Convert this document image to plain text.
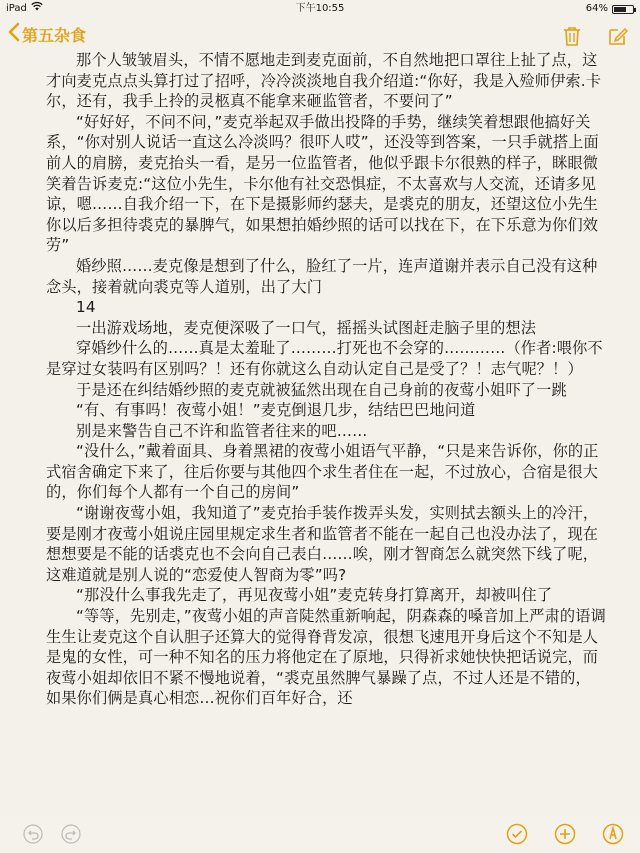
iPad	下午10:55	64%
第五杂食

那个人皱皱眉头，不情不愿地走到麦克面前，不自然地把口罩往上扯了点，这才向麦克点点头算打过了招呼，冷冷淡淡地自我介绍道:“你好，我是入殓师伊索.卡尔，还有，我手上拎的灵柩真不能拿来砸监管者，不要问了”

“好好好，不问不问，”麦克举起双手做出投降的手势，继续笑着想跟他搞好关系，“你对别人说话一直这么冷淡吗？很吓人哎”，还没等到答案，一只手就搭上面前人的肩膀，麦克抬头一看，是另一位监管者，他似乎跟卡尔很熟的样子，眯眼微笑着告诉麦克:“这位小先生，卡尔他有社交恐惧症，不太喜欢与人交流，还请多见谅，嗯……自我介绍一下，在下是摄影师约瑟夫，是裘克的朋友，还望这位小先生你以后多担待裘克的暴脾气，如果想拍婚纱照的话可以找在下，在下乐意为你们效劳”

婚纱照……麦克像是想到了什么，脸红了一片，连声道谢并表示自己没有这种念头，接着就向裘克等人道别，出了大门

14

一出游戏场地，麦克便深吸了一口气，摇摇头试图赶走脑子里的想法

穿婚纱什么的……真是太羞耻了………打死也不会穿的…………（作者:喂你不是穿过女装吗有区别吗？！还有你就这么自动认定自己是受了？！志气呢？！）

于是还在纠结婚纱照的麦克就被猛然出现在自己身前的夜莺小姐吓了一跳

“有、有事吗！夜莺小姐！”麦克倒退几步，结结巴巴地问道

别是来警告自己不许和监管者往来的吧……

“没什么，”戴着面具、身着黑裙的夜莺小姐语气平静，“只是来告诉你，你的正式宿舍确定下来了，往后你要与其他四个求生者住在一起，不过放心，合宿是很大的，你们每个人都有一个自己的房间”

“谢谢夜莺小姐，我知道了”麦克抬手装作拨弄头发，实则拭去额头上的冷汗，要是刚才夜莺小姐说庄园里规定求生者和监管者不能在一起自己也没办法了，现在想想要是不能的话裘克也不会向自己表白……唉，刚才智商怎么就突然下线了呢，这难道就是别人说的“恋爱使人智商为零”吗?

“那没什么事我先走了，再见夜莺小姐”麦克转身打算离开，却被叫住了

“等等，先别走，”夜莺小姐的声音陡然重新响起，阴森森的嗓音加上严肃的语调生生让麦克这个自认胆子还算大的觉得脊背发凉，很想飞速甩开身后这个不知是人是鬼的女性，可一种不知名的压力将他定在了原地，只得祈求她快快把话说完，而夜莺小姐却依旧不紧不慢地说着，“裘克虽然脾气暴躁了点，不过人还是不错的，如果你们俩是真心相恋…祝你们百年好合，还
